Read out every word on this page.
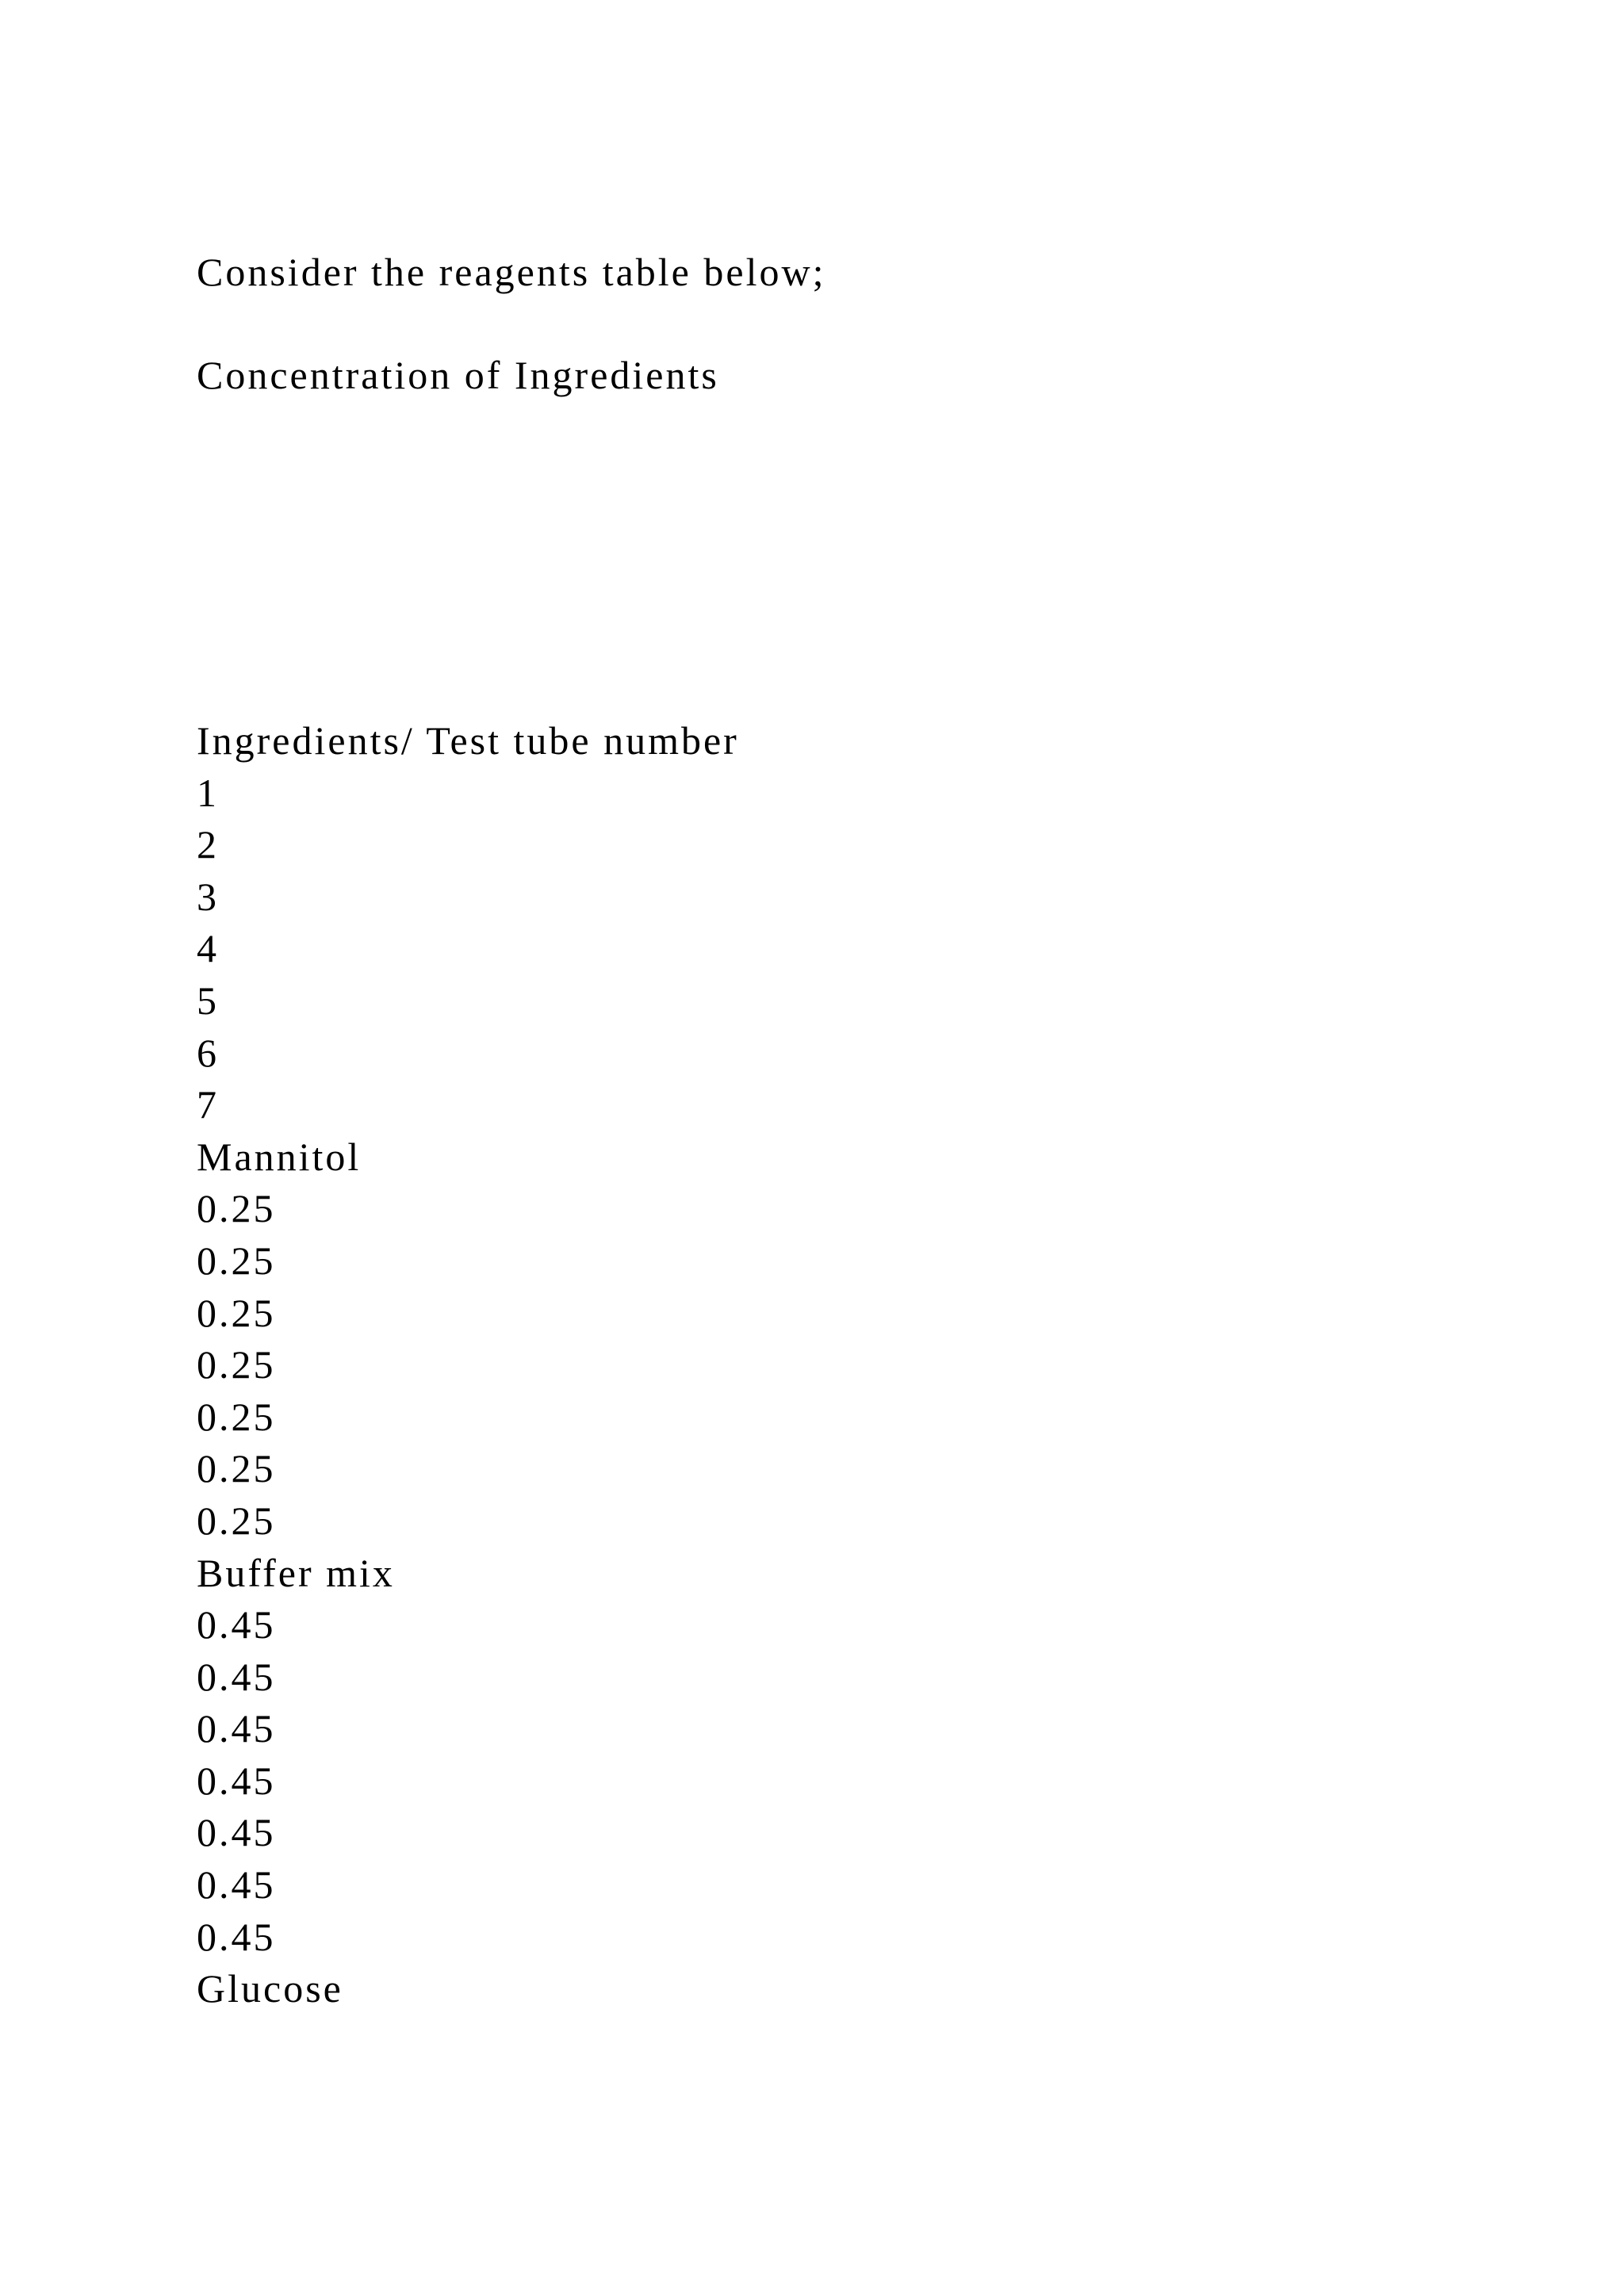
Consider the reagents table below;

Concentration of Ingredients

Ingredients/ Test tube number
1
2
3
4
5
6
7
Mannitol
0.25
0.25
0.25
0.25
0.25
0.25
0.25
Buffer mix
0.45
0.45
0.45
0.45
0.45
0.45
0.45
Glucose
